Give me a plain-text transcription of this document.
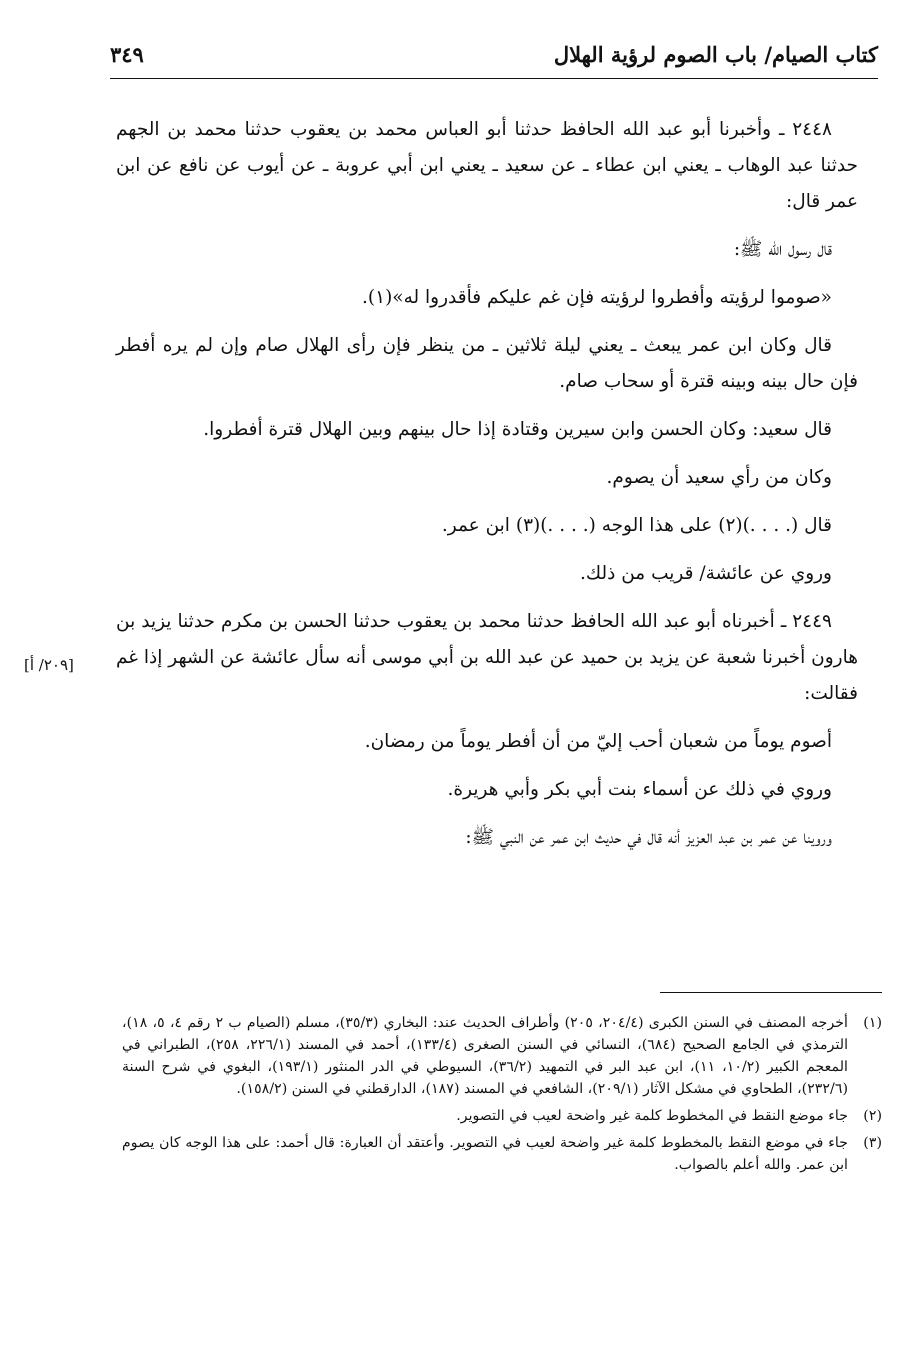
كتاب الصيام/ باب الصوم لرؤية الهلال
٣٤٩

٢٤٤٨ ـ وأخبرنا أبو عبد الله الحافظ حدثنا أبو العباس محمد بن يعقوب حدثنا محمد بن الجهم حدثنا عبد الوهاب ـ يعني ابن عطاء ـ عن سعيد ـ يعني ابن أبي عروبة ـ عن أيوب عن نافع عن ابن عمر قال:

قال رسول الله ﷺ:

«صوموا لرؤيته وأفطروا لرؤيته فإن غم عليكم فأقدروا له»(١).

قال وكان ابن عمر يبعث ـ يعني ليلة ثلاثين ـ من ينظر فإن رأى الهلال صام وإن لم يره أفطر فإن حال بينه وبينه قترة أو سحاب صام.

قال سعيد: وكان الحسن وابن سيرين وقتادة إذا حال بينهم وبين الهلال قترة أفطروا.

وكان من رأي سعيد أن يصوم.

قال (. . . .)(٢) على هذا الوجه (. . . .)(٣) ابن عمر.

وروي عن عائشة/ قريب من ذلك.

٢٤٤٩ ـ أخبرناه أبو عبد الله الحافظ حدثنا محمد بن يعقوب حدثنا الحسن بن مكرم حدثنا يزيد بن هارون أخبرنا شعبة عن يزيد بن حميد عن عبد الله بن أبي موسى أنه سأل عائشة عن الشهر إذا غم فقالت:

أصوم يوماً من شعبان أحب إليّ من أن أفطر يوماً من رمضان.

وروي في ذلك عن أسماء بنت أبي بكر وأبي هريرة.

وروينا عن عمر بن عبد العزيز أنه قال في حديث ابن عمر عن النبي ﷺ:

[٢٠٩/ أ]
(١)
أخرجه المصنف في السنن الكبرى (٢٠٤/٤، ٢٠٥) وأطراف الحديث عند: البخاري (٣٥/٣)، مسلم (الصيام ب ٢ رقم ٤، ٥، ١٨)، الترمذي في الجامع الصحيح (٦٨٤)، النسائي في السنن الصغرى (١٣٣/٤)، أحمد في المسند (٢٢٦/١، ٢٥٨)، الطبراني في المعجم الكبير (١٠/٢، ١١)، ابن عبد البر في التمهيد (٣٦/٢)، السيوطي في الدر المنثور (١٩٣/١)، البغوي في شرح السنة (٢٣٢/٦)، الطحاوي في مشكل الآثار (٢٠٩/١)، الشافعي في المسند (١٨٧)، الدارقطني في السنن (١٥٨/٢).
(٢)
جاء موضع النقط في المخطوط كلمة غير واضحة لعيب في التصوير.
(٣)
جاء في موضع النقط بالمخطوط كلمة غير واضحة لعيب في التصوير. وأعتقد أن العبارة: قال أحمد: على هذا الوجه كان يصوم ابن عمر. والله أعلم بالصواب.
